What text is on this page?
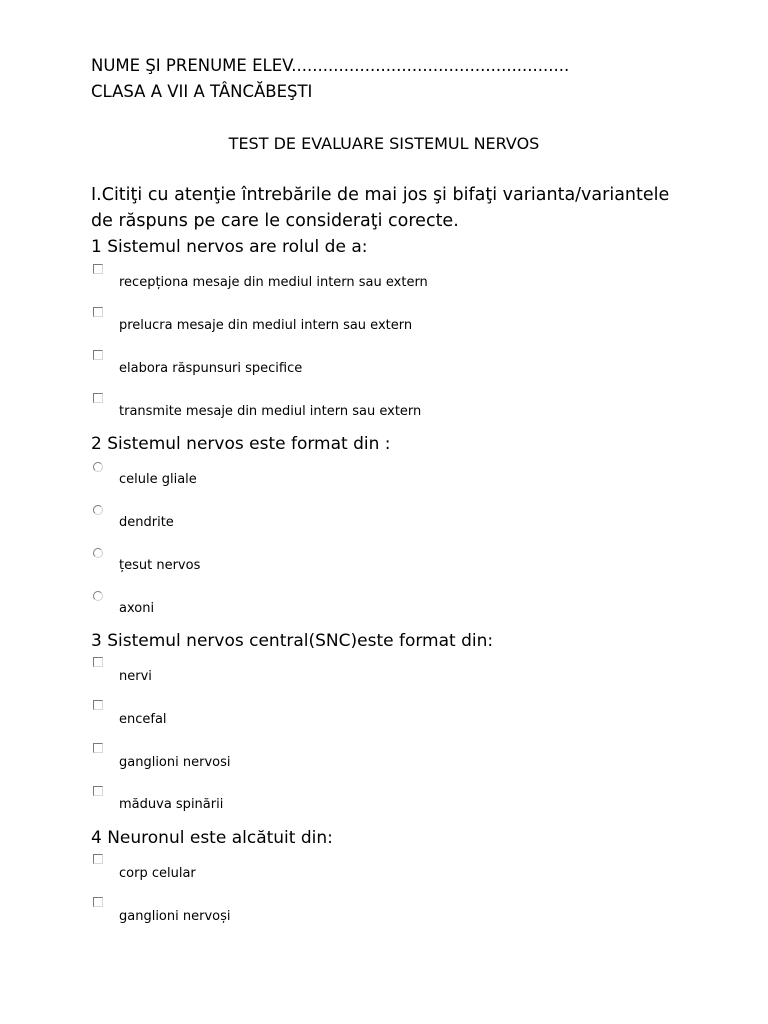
NUME ŞI PRENUME ELEV.....................................................
CLASA A VII A TÂNCĂBEŞTI
TEST DE EVALUARE SISTEMUL NERVOS
I.Citiţi cu atenţie întrebările de mai jos şi bifaţi varianta/variantele
de răspuns pe care le consideraţi corecte.
1 Sistemul nervos are rolul de a:
recepționa mesaje din mediul intern sau extern
prelucra mesaje din mediul intern sau extern
elabora răspunsuri specifice
transmite mesaje din mediul intern sau extern
2 Sistemul nervos este format din :
celule gliale
dendrite
țesut nervos
axoni
3 Sistemul nervos central(SNC)este format din:
nervi
encefal
ganglioni nervosi
măduva spinării
4 Neuronul este alcătuit din:
corp celular
ganglioni nervoși
